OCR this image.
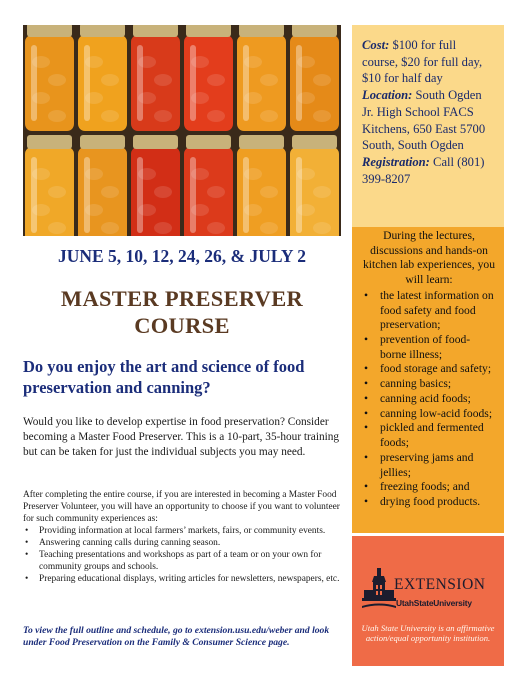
Cost: $100 for full course, $20 for full day, $10 for half day
Location: South Ogden Jr. High School FACS Kitchens, 650 East 5700 South, South Ogden
Registration: Call (801) 399-8207
During the lectures, discussions and hands-on kitchen lab experiences, you will learn:
• the latest information on food safety and food preservation;
• prevention of food-borne illness;
• food storage and safety;
• canning basics;
• canning acid foods;
• canning low-acid foods;
• pickled and fermented foods;
• preserving jams and jellies;
• freezing foods; and
• drying food products.
EXTENSION
UtahStateUniversity
Utah State University is an affirmative action/equal opportunity institution.
JUNE 5, 10, 12, 24, 26, & JULY 2
MASTER PRESERVER
COURSE
Do you enjoy the art and science of food preservation and canning?
Would you like to develop expertise in food preservation? Consider becoming a Master Food Preserver. This is a 10-part, 35-hour training but can be taken for just the individual subjects you may need.
After completing the entire course, if you are interested in becoming a Master Food Preserver Volunteer, you will have an opportunity to choose if you want to volunteer for such community experiences as:
• Providing information at local farmers’ markets, fairs, or community events.
• Answering canning calls during canning season.
• Teaching presentations and workshops as part of a team or on your own for community groups and schools.
• Preparing educational displays, writing articles for newsletters, newspapers, etc.
To view the full outline and schedule, go to extension.usu.edu/weber and look under Food Preservation on the Family & Consumer Science page.
